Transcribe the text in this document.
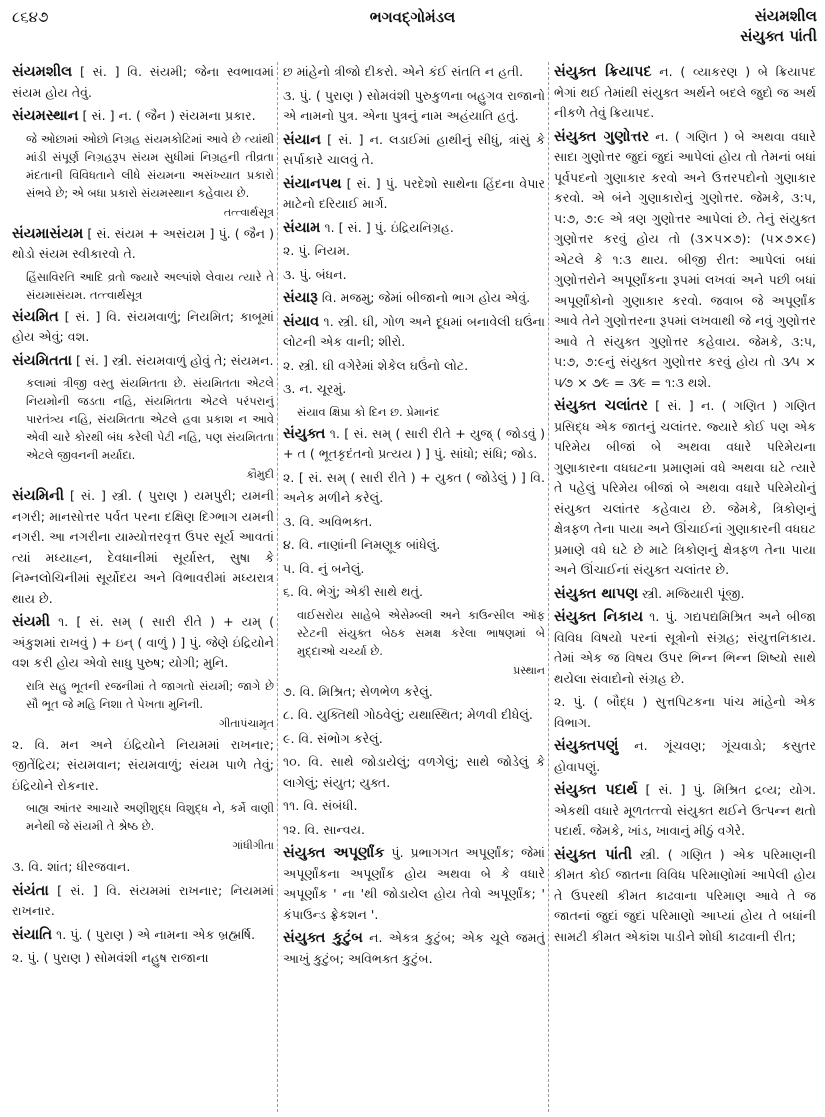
૮૬૪૭	ભગવદ્ગોમંડલ	સંયમશીલ
સંયુક્ત પાંતી
સંયમશીલ [ સં. ] વિ. સંયમી; જેના સ્વભાવમાં સંયમ હોય તેવું.
સંયમસ્થાન [ સં. ] ન. ( જૈન ) સંયમના પ્રકાર.
જે ઓછામાં ઓછો નિગ્રહ સંયમકોટિમાં આવે છે ત્યાંથી માંડી સંપૂર્ણ નિગ્રહરૂપ સંયમ સુધીમાં નિગ્રહની તીવ્રતા મંદતાની વિવિધતાને લીધે સંયમના અસંખ્યાત પ્રકારો સંભવે છે; એ બધા પ્રકારો સંયમસ્થાન કહેવાય છે.
તત્ત્વાર્થસૂત્ર
સંયમાસંયમ [ સં. સંયમ + અસંયમ ] પું. ( જૈન ) થોડો સંયમ સ્વીકારવો તે.
હિંસાવિરતિ આદિ વ્રતો જ્યારે અલ્પાંશે લેવાય ત્યારે તે સંયમાસંયમ. તત્ત્વાર્થસૂત્ર
સંયમિત [ સં. ] વિ. સંયમવાળું; નિયમિત; કાબૂમાં હોય એવું; વશ.
સંયમિતતા [ સં. ] સ્ત્રી. સંયમવાળું હોવું તે; સંયમન.
કલામાં ત્રીજી વસ્તુ સંયમિતતા છે. સંયમિતતા એટલે નિયમોની જડતા નહિ, સંયમિતતા એટલે પરંપરાનું પારતંત્ર્ય નહિ, સંયમિતતા એટલે હવા પ્રકાશ ન આવે એવી ચારે કોરથી બંધ કરેલી પેટી નહિ, પણ સંયમિતતા એટલે જીવનની મર્યાદા.
કૌમુદી
સંયમિની [ સં. ] સ્ત્રી. ( પુરાણ ) યમપુરી; યમની નગરી; માનસોત્તર પર્વત પરના દક્ષિણ દિગ્ભાગ યમની નગરી. આ નગરીના યામ્યોત્તરવૃત્ત ઉપર સૂર્ય આવતાં ત્યાં મધ્યાહ્ન, દેવધાનીમાં સૂર્યાસ્ત, સુષા કે નિમ્નલોચિનીમાં સૂર્યોદય અને વિભાવરીમાં મધ્યરાત્ર થાય છે.
સંયમી ૧. [ સં. સમ્ ( સારી રીતે ) + યમ્ ( અંકુશમાં રાખવું ) + ઇન્ ( વાળું ) ] પું. જેણે ઇંદ્રિયોને વશ કરી હોય એવો સાધુ પુરુષ; યોગી; મુનિ.
રાત્રિ સહુ ભૂતની રજનીમાં તે જાગતો સંયમી; જાગે છે સૌ ભૂત જે મહિ નિશા તે પેખતા મુનિની.
ગીતાપંચામૃત
૨. વિ. મન અને ઇંદ્રિયોને નિયમમાં રાખનાર; જીતેંદ્રિય; સંયમવાન; સંયમવાળું; સંયમ પાળે તેવું; ઇંદ્રિયોને રોકનાર.
બાહ્ય આંતર આચારે અણીશુદ્ધ વિશુદ્ધ ને, કર્મે વાણી મનેથી જે સંયમી તે શ્રેષ્ઠ છે.
ગાંધીગીતા
૩. વિ. શાંત; ધીરજવાન.
સંયંતા [ સં. ] વિ. સંયમમાં રાખનાર; નિયમમાં રાખનાર.
સંયાતિ ૧. પું. ( પુરાણ ) એ નામના એક બ્રહ્મર્ષિ.
૨. પું. ( પુરાણ ) સોમવંશી નહુષ રાજાના
છ માંહેનો ત્રીજો દીકરો. એને કંઈ સંતતિ ન હતી.
૩. પું. ( પુરાણ ) સોમવંશી પુરુકુળના બહુગવ રાજાનો એ નામનો પુત્ર. એના પુત્રનું નામ અહંયાતિ હતું.
સંયાન [ સં. ] ન. લડાઈમાં હાથીનું સીધું, ત્રાંસું કે સર્પાકારે ચાલવું તે.
સંયાનપથ [ સં. ] પું. પરદેશો સાથેના હિંદના વેપાર માટેનો દરિયાઈ માર્ગ.
સંયામ ૧. [ સં. ] પું. ઇંદ્રિયનિગ્રહ.
૨. પું. નિયમ.
૩. પું. બંધન.
સંયારૂ વિ. મજમુ; જેમાં બીજાનો ભાગ હોય એવું.
સંયાવ ૧. સ્ત્રી. ઘી, ગોળ અને દૂધમાં બનાવેલી ઘઉંના લોટની એક વાની; શીરો.
૨. સ્ત્રી. ઘી વગેરેમાં શેકેલ ઘઉંનો લોટ.
૩. ન. ચૂરમું.
સંયાવ ક્ષિપ્રા કો દિન છ. પ્રેમાનંદ
સંયુક્ત ૧. [ સં. સમ્ ( સારી રીતે + યુજ્ ( જોડવું ) + ત ( ભૂતકૃદંતનો પ્રત્યય ) ] પું. સાંધો; સંધિ; જોડ.
૨. [ સં. સમ્ ( સારી રીતે ) + યુક્ત ( જોડેલું ) ] વિ. અનેક મળીને કરેલું.
૩. વિ. અવિભક્ત.
૪. વિ. નાણાંની નિમણૂક બાંધેલું.
૫. વિ. નું બનેલું.
૬. વિ. ભેગું; એકી સાથે થતું.
વાઈસરોય સાહેબે એસેમ્બ્લી અને કાઉન્સીલ ઑફ સ્ટેટની સંયુક્ત બેઠક સમક્ષ કરેલા ભાષણમાં બે મુદ્દાઓ ચર્ચ્યા છે.
પ્રસ્થાન
૭. વિ. મિશ્રિત; સેળભેળ કરેલું.
૮. વિ. યુક્તિથી ગોઠવેલું; યથાસ્થિત; મેળવી દીધેલું.
૯. વિ. સંભોગ કરેલું.
૧૦. વિ. સાથે જોડાયેલું; વળગેલું; સાથે જોડેલું કે લાગેલું; સંયુત; યુક્ત.
૧૧. વિ. સંબંધી.
૧૨. વિ. સાન્વય.
સંયુક્ત અપૂર્ણાંક પું. પ્રભાગગત અપૂર્ણાંક; જેમાં અપૂર્ણાંકના અપૂર્ણાંક હોય અથવા બે કે વધારે અપૂર્ણાંક ' ના 'થી જોડાયેલ હોય તેવો અપૂર્ણાંક; ' કંપાઉન્ડ ફ્રેકશન '.
સંયુક્ત કુટુંબ ન. એકત્ર કુટુંબ; એક ચૂલે જમતું આખું કુટુંબ; અવિભક્ત કુટુંબ.
સંયુક્ત ક્રિયાપદ ન. ( વ્યાકરણ ) બે ક્રિયાપદ ભેગાં થઈ તેમાંથી સંયુક્ત અર્થને બદલે જુદો જ અર્થ નીકળે તેવું ક્રિયાપદ.
સંયુક્ત ગુણોત્તર ન. ( ગણિત ) બે અથવા વધારે સાદા ગુણોત્તર જુદાં જુદાં આપેલાં હોય તો તેમનાં બધાં પૂર્વપદનો ગુણાકાર કરવો અને ઉત્તરપદોનો ગુણાકાર કરવો. એ બંને ગુણાકારોનું ગુણોત્તર. જેમકે, ૩:૫, ૫:૭, ૭:૯ એ ત્રણ ગુણોત્તર આપેલાં છે. તેનું સંયુક્ત ગુણોત્તર કરવું હોય તો (૩×૫×૭): (૫×૭×૯) એટલે કે ૧:૩ થાય. બીજી રીત: આપેલાં બધાં ગુણોત્તરોને અપૂર્ણાંકના રૂપમાં લખવાં અને પછી બધાં અપૂર્ણાંકોનો ગુણાકાર કરવો. જવાબ જે અપૂર્ણાંક આવે તેને ગુણોત્તરના રૂપમાં લખવાથી જે નવું ગુણોત્તર આવે તે સંયુક્ત ગુણોત્તર કહેવાય. જેમકે, ૩:૫, ૫:૭, ૭:૯નું સંયુક્ત ગુણોત્તર કરવું હોય તો ૩⁄૫ × ૫⁄૭ × ૭⁄૯ = ૩⁄૯ = ૧:૩ થશે.
સંયુક્ત ચલાંતર [ સં. ] ન. ( ગણિત ) ગણિત પ્રસિદ્ધ એક જાતનું ચલાંતર. જ્યારે કોઈ પણ એક પરિમેય બીજાં બે અથવા વધારે પરિમેયના ગુણાકારના વધઘટના પ્રમાણમાં વધે અથવા ઘટે ત્યારે તે પહેલું પરિમેય બીજાં બે અથવા વધારે પરિમેયોનું સંયુક્ત ચલાંતર કહેવાય છે. જેમકે, ત્રિકોણનું ક્ષેત્રફળ તેના પાયા અને ઊંચાઈનાં ગુણાકારની વધઘટ પ્રમાણે વધે ઘટે છે માટે ત્રિકોણનું ક્ષેત્રફળ તેના પાયા અને ઊંચાઈનાં સંયુક્ત ચલાંતર છે.
સંયુક્ત થાપણ સ્ત્રી. મજિયારી પૂંજી.
સંયુક્ત નિકાય ૧. પું. ગદ્યપદ્યમિશ્રિત અને બીજા વિવિધ વિષયો પરનાં સૂત્રોનો સંગ્રહ; સંયુત્તનિકાય. તેમાં એક જ વિષય ઉપર ભિન્ન ભિન્ન શિષ્યો સાથે થયેલા સંવાદોનો સંગ્રહ છે.
૨. પું. ( બૌદ્ધ ) સુત્તપિટકના પાંચ માંહેનો એક વિભાગ.
સંયુક્તપણું ન. ગૂંચવણ; ગૂંચવાડો; કસુતર હોવાપણું.
સંયુક્ત પદાર્થ [ સં. ] પું. મિશ્રિત દ્રવ્ય; યોગ. એકથી વધારે મૂળતત્ત્વો સંયુક્ત થઈને ઉત્પન્ન થતો પદાર્થ. જેમકે, ખાંડ, ખાવાનું મીઠું વગેરે.
સંયુક્ત પાંતી સ્ત્રી. ( ગણિત ) એક પરિમાણની કીમત કોઈ જાતના વિવિધ પરિમાણોમાં આપેલી હોય તે ઉપરથી કીમત કાઢવાના પરિમાણ આવે તે જ જાતનાં જુદાં જુદાં પરિમાણો આપ્યાં હોય તે બધાંની સામટી કીમત એકાંશ પાડીને શોધી કાઢવાની રીત;
